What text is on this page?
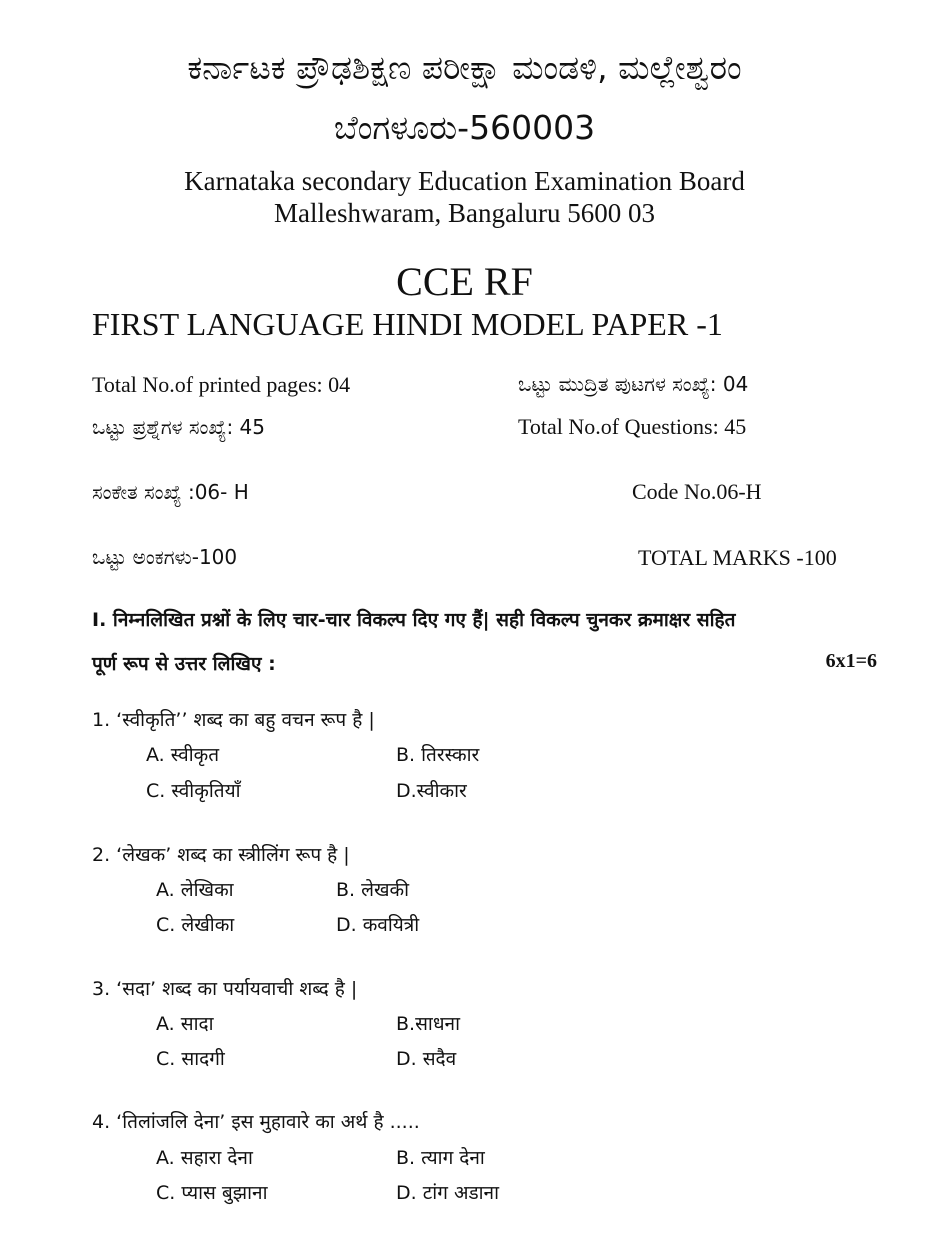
ಕರ್ನಾಟಕ ಪ್ರೌಢಶಿಕ್ಷಣ ಪರೀಕ್ಷಾ ಮಂಡಳಿ, ಮಲ್ಲೇಶ್ವರಂ
ಬೆಂಗಳೂರು-560003
Karnataka secondary Education Examination Board
Malleshwaram, Bangaluru 5600 03
CCE RF
FIRST LANGUAGE HINDI MODEL PAPER -1
Total No.of printed pages: 04	ಒಟ್ಟು ಮುದ್ರಿತ ಪುಟಗಳ ಸಂಖ್ಯೆ: 04
ಒಟ್ಟು ಪ್ರಶ್ನೆಗಳ ಸಂಖ್ಯೆ: 45	Total No.of Questions: 45
ಸಂಕೇತ ಸಂಖ್ಯೆ :06- H	Code No.06-H
ಒಟ್ಟು ಅಂಕಗಳು-100	TOTAL MARKS -100
I. निम्नलिखित प्रश्नों के लिए चार-चार विकल्प दिए गए हैं| सही विकल्प चुनकर क्रमाक्षर सहित
पूर्ण रूप से उत्तर लिखिए :	6x1=6
1. ‘स्वीकृति’’ शब्द का बहु वचन रूप है |
A. स्वीकृत	B. तिरस्कार
C. स्वीकृतियाँ	D.स्वीकार
2. ‘लेखक’ शब्द का स्त्रीलिंग रूप है |
A. लेखिका	B. लेखकी
C. लेखीका	D. कवयित्री
3. ‘सदा’ शब्द का पर्यायवाची शब्द है |
A. सादा	B.साधना
C. सादगी	D. सदैव
4. ‘तिलांजलि देना’ इस मुहावारे का अर्थ है .....
A. सहारा देना	B. त्याग देना
C. प्यास बुझाना	D. टांग अडाना
